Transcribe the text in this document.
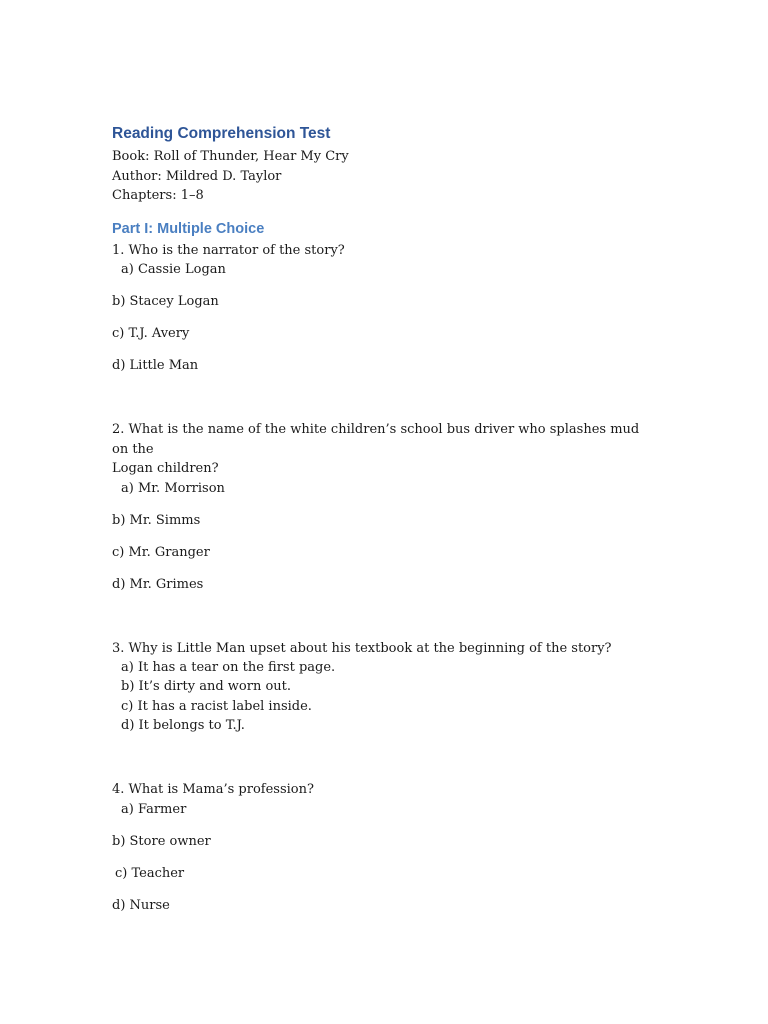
Reading Comprehension Test

Book: Roll of Thunder, Hear My Cry

Author: Mildred D. Taylor

Chapters: 1–8

Part I: Multiple Choice

1. Who is the narrator of the story?

a) Cassie Logan

b) Stacey Logan

c) T.J. Avery

d) Little Man

2. What is the name of the white children’s school bus driver who splashes mud on the

Logan children?

a) Mr. Morrison

b) Mr. Simms

c) Mr. Granger

d) Mr. Grimes

3. Why is Little Man upset about his textbook at the beginning of the story?

a) It has a tear on the first page.

b) It’s dirty and worn out.

c) It has a racist label inside.

d) It belongs to T.J.

4. What is Mama’s profession?

a) Farmer

b) Store owner

c) Teacher

d) Nurse
